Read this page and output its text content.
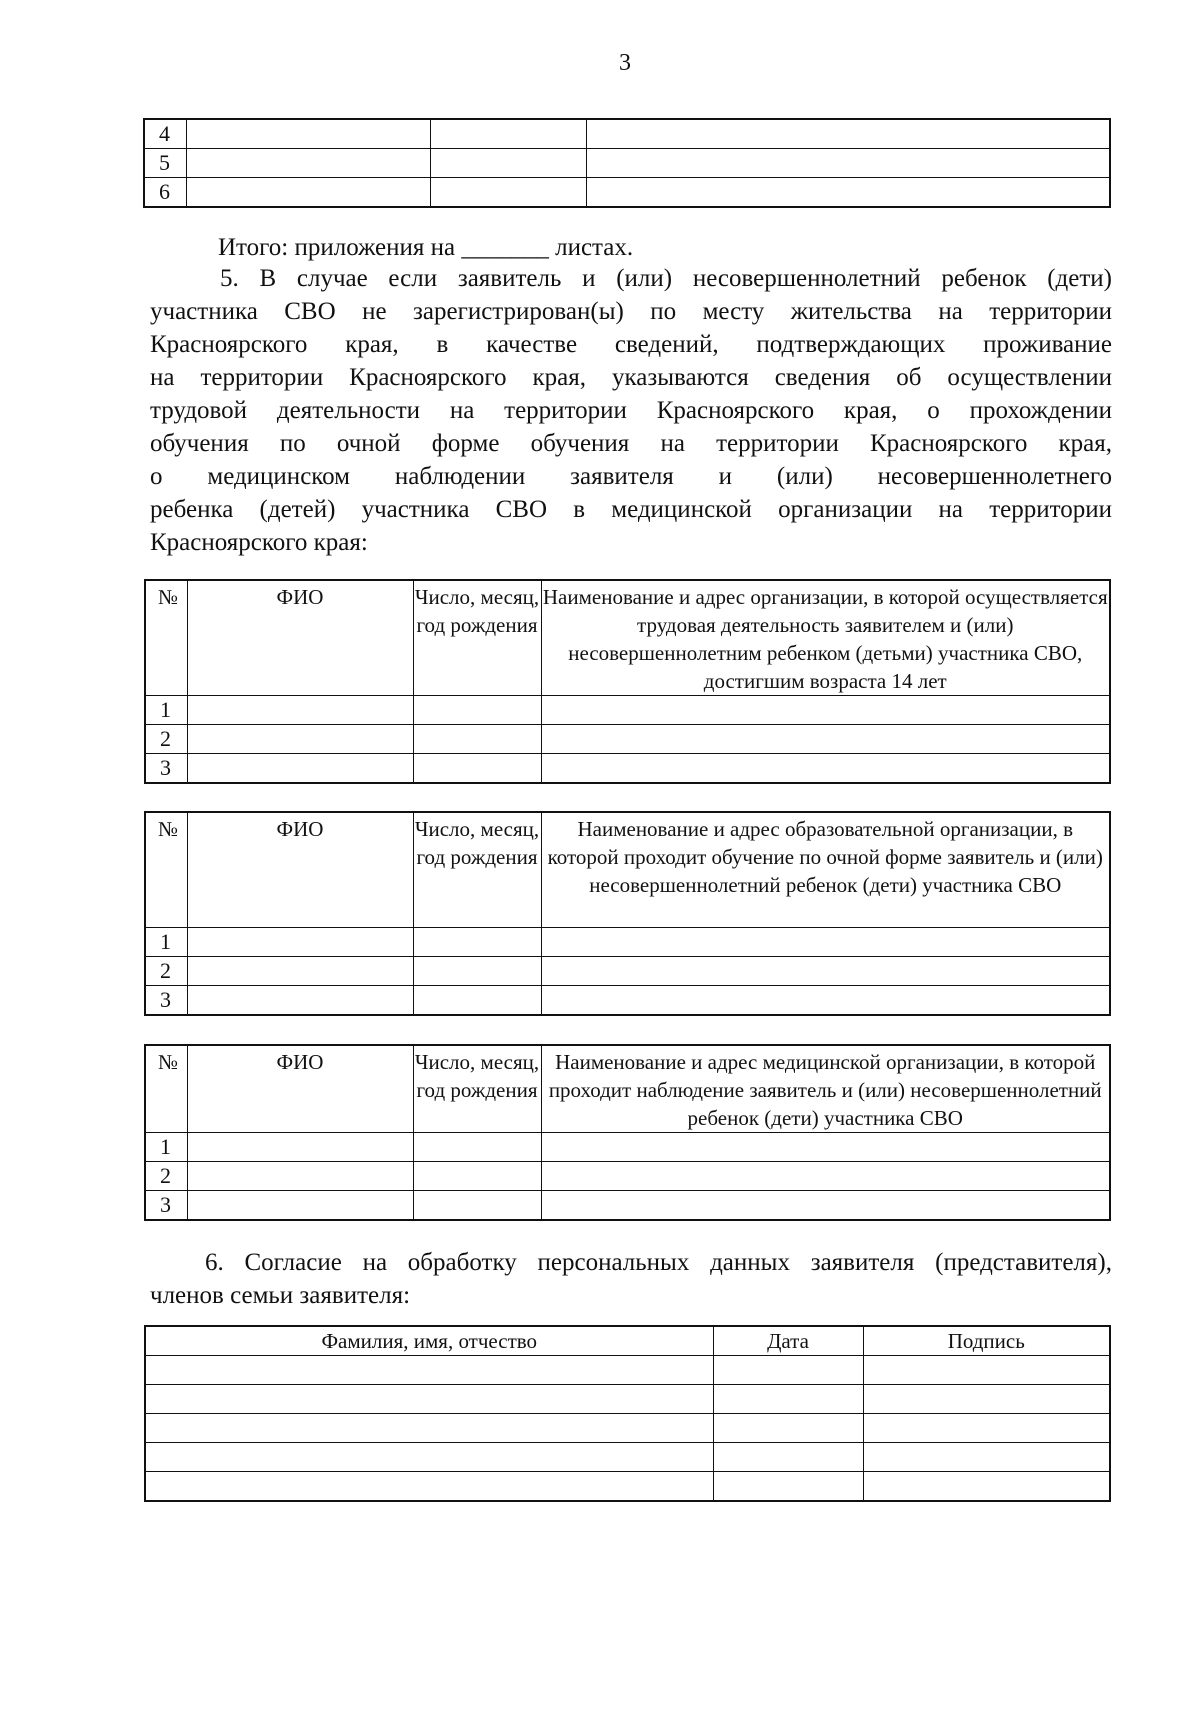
3
4			
5			
6			
Итого: приложения на _______ листах.
5. В случае если заявитель и (или) несовершеннолетний ребенок (дети)
участника СВО не зарегистрирован(ы) по месту жительства на территории
Красноярского края, в качестве сведений, подтверждающих проживание
на территории Красноярского края, указываются сведения об осуществлении
трудовой деятельности на территории Красноярского края, о прохождении
обучения по очной форме обучения на территории Красноярского края,
о медицинском наблюдении заявителя и (или) несовершеннолетнего
ребенка (детей) участника СВО в медицинской организации на территории
Красноярского края:
№	ФИО	Число, месяц, год рождения	Наименование и адрес организации, в которой осуществляется трудовая деятельность заявителем и (или) несовершеннолетним ребенком (детьми) участника СВО, достигшим возраста 14 лет
1			
2			
3			
№	ФИО	Число, месяц, год рождения	Наименование и адрес образовательной организации, в которой проходит обучение по очной форме заявитель и (или) несовершеннолетний ребенок (дети) участника СВО
1			
2			
3			
№	ФИО	Число, месяц, год рождения	Наименование и адрес медицинской организации, в которой проходит наблюдение заявитель и (или) несовершеннолетний ребенок (дети) участника СВО
1			
2			
3			
6. Согласие на обработку персональных данных заявителя (представителя),
членов семьи заявителя:
Фамилия, имя, отчество	Дата	Подпись
